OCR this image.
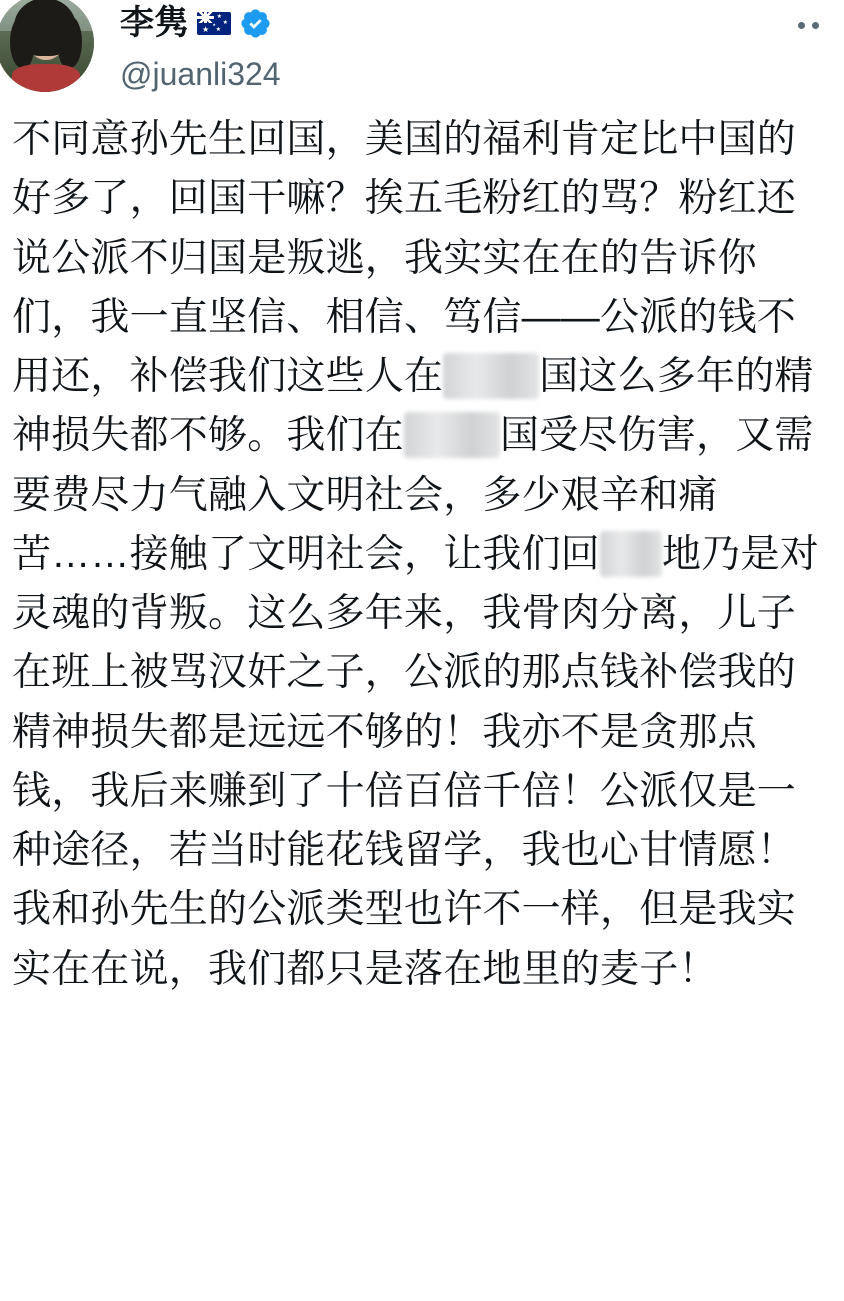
李隽 ★
★
★
★
★
@juanli324
不同意孙先生回国，美国的福利肯定比中国的好多了，回国干嘛？挨五毛粉红的骂？粉红还说公派不归国是叛逃，我实实在在的告诉你们，我一直坚信、相信、笃信——公派的钱不用还，补偿我们这些人在 国这么多年的精神损失都不够。我们在 国受尽伤害，又需要费尽力气融入文明社会，多少艰辛和痛苦……接触了文明社会，让我们回 地乃是对灵魂的背叛。这么多年来，我骨肉分离，儿子在班上被骂汉奸之子，公派的那点钱补偿我的精神损失都是远远不够的！我亦不是贪那点钱，我后来赚到了十倍百倍千倍！公派仅是一种途径，若当时能花钱留学，我也心甘情愿！我和孙先生的公派类型也许不一样，但是我实实在在说，我们都只是落在地里的麦子！
